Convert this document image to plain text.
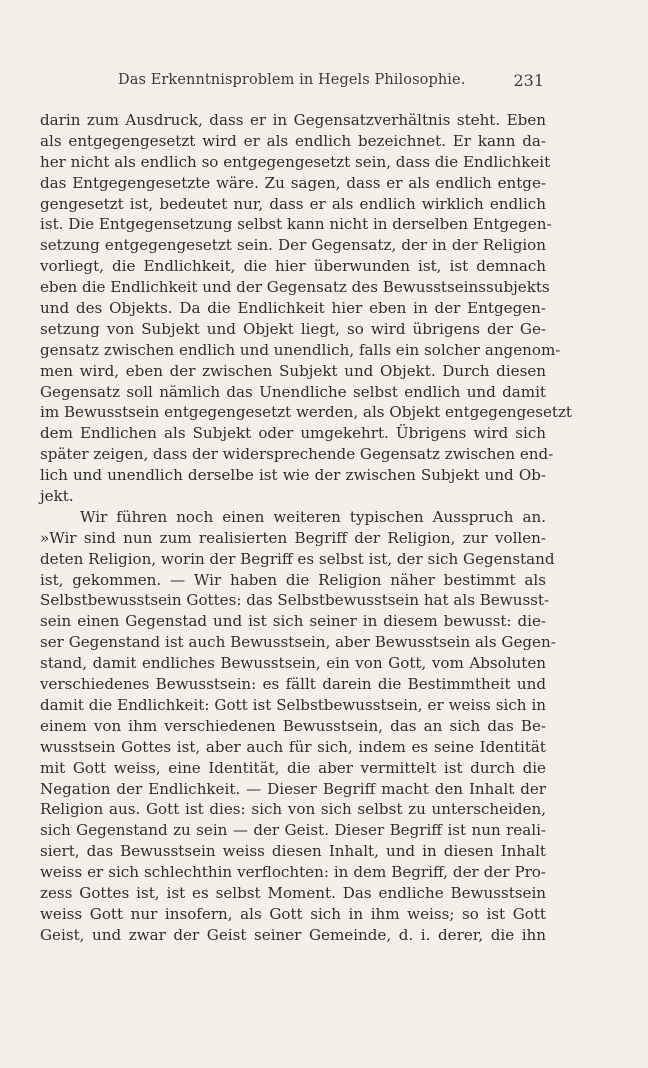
Das Erkenntnisproblem in Hegels Philosophie.	231
darin zum Ausdruck, dass er in Gegensatzverhältnis steht. Eben
als entgegengesetzt wird er als endlich bezeichnet. Er kann da-
her nicht als endlich so entgegengesetzt sein, dass die Endlichkeit
das Entgegengesetzte wäre. Zu sagen, dass er als endlich entge-
gengesetzt ist, bedeutet nur, dass er als endlich wirklich endlich
ist. Die Entgegensetzung selbst kann nicht in derselben Entgegen-
setzung entgegengesetzt sein. Der Gegensatz, der in der Religion
vorliegt, die Endlichkeit, die hier überwunden ist, ist demnach
eben die Endlichkeit und der Gegensatz des Bewusstseinssubjekts
und des Objekts. Da die Endlichkeit hier eben in der Entgegen-
setzung von Subjekt und Objekt liegt, so wird übrigens der Ge-
gensatz zwischen endlich und unendlich, falls ein solcher angenom-
men wird, eben der zwischen Subjekt und Objekt. Durch diesen
Gegensatz soll nämlich das Unendliche selbst endlich und damit
im Bewusstsein entgegengesetzt werden, als Objekt entgegengesetzt
dem Endlichen als Subjekt oder umgekehrt. Übrigens wird sich
später zeigen, dass der widersprechende Gegensatz zwischen end-
lich und unendlich derselbe ist wie der zwischen Subjekt und Ob-
jekt.
Wir führen noch einen weiteren typischen Ausspruch an.
»Wir sind nun zum realisierten Begriff der Religion, zur vollen-
deten Religion, worin der Begriff es selbst ist, der sich Gegenstand
ist, gekommen. — Wir haben die Religion näher bestimmt als
Selbstbewusstsein Gottes: das Selbstbewusstsein hat als Bewusst-
sein einen Gegenstad und ist sich seiner in diesem bewusst: die-
ser Gegenstand ist auch Bewusstsein, aber Bewusstsein als Gegen-
stand, damit endliches Bewusstsein, ein von Gott, vom Absoluten
verschiedenes Bewusstsein: es fällt darein die Bestimmtheit und
damit die Endlichkeit: Gott ist Selbstbewusstsein, er weiss sich in
einem von ihm verschiedenen Bewusstsein, das an sich das Be-
wusstsein Gottes ist, aber auch für sich, indem es seine Identität
mit Gott weiss, eine Identität, die aber vermittelt ist durch die
Negation der Endlichkeit. — Dieser Begriff macht den Inhalt der
Religion aus. Gott ist dies: sich von sich selbst zu unterscheiden,
sich Gegenstand zu sein — der Geist. Dieser Begriff ist nun reali-
siert, das Bewusstsein weiss diesen Inhalt, und in diesen Inhalt
weiss er sich schlechthin verflochten: in dem Begriff, der der Pro-
zess Gottes ist, ist es selbst Moment. Das endliche Bewusstsein
weiss Gott nur insofern, als Gott sich in ihm weiss; so ist Gott
Geist, und zwar der Geist seiner Gemeinde, d. i. derer, die ihn
